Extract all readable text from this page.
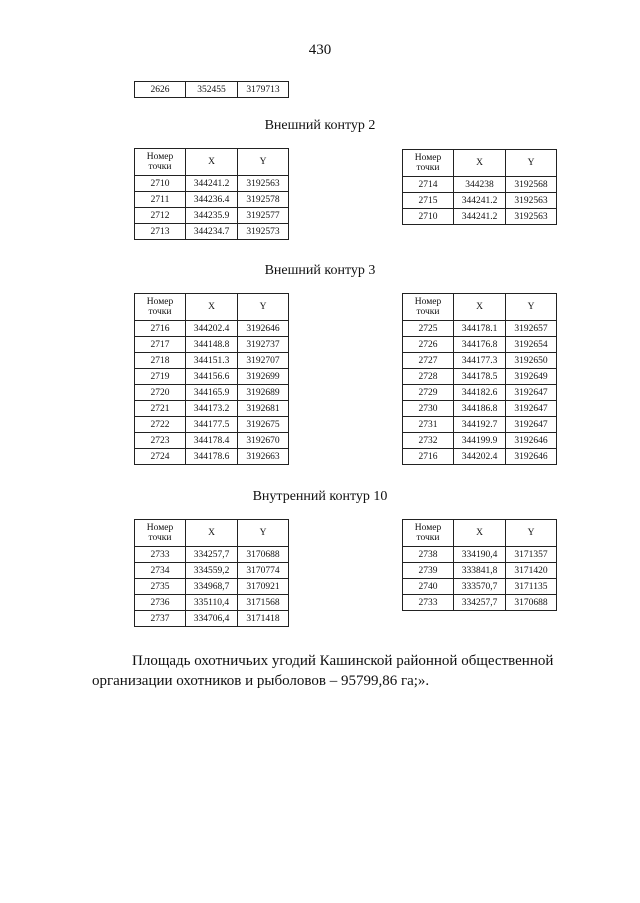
430
2626	352455	3179713
Внешний контур 2
Номер точки	X	Y
2710	344241.2	3192563
2711	344236.4	3192578
2712	344235.9	3192577
2713	344234.7	3192573
Номер точки	X	Y
2714	344238	3192568
2715	344241.2	3192563
2710	344241.2	3192563
Внешний контур 3
Номер точки	X	Y
2716	344202.4	3192646
2717	344148.8	3192737
2718	344151.3	3192707
2719	344156.6	3192699
2720	344165.9	3192689
2721	344173.2	3192681
2722	344177.5	3192675
2723	344178.4	3192670
2724	344178.6	3192663
Номер точки	X	Y
2725	344178.1	3192657
2726	344176.8	3192654
2727	344177.3	3192650
2728	344178.5	3192649
2729	344182.6	3192647
2730	344186.8	3192647
2731	344192.7	3192647
2732	344199.9	3192646
2716	344202.4	3192646
Внутренний контур 10
Номер точки	X	Y
2733	334257,7	3170688
2734	334559,2	3170774
2735	334968,7	3170921
2736	335110,4	3171568
2737	334706,4	3171418
Номер точки	X	Y
2738	334190,4	3171357
2739	333841,8	3171420
2740	333570,7	3171135
2733	334257,7	3170688
Площадь охотничьих угодий Кашинской районной общественной организации охотников и рыболовов – 95799,86 га;».
